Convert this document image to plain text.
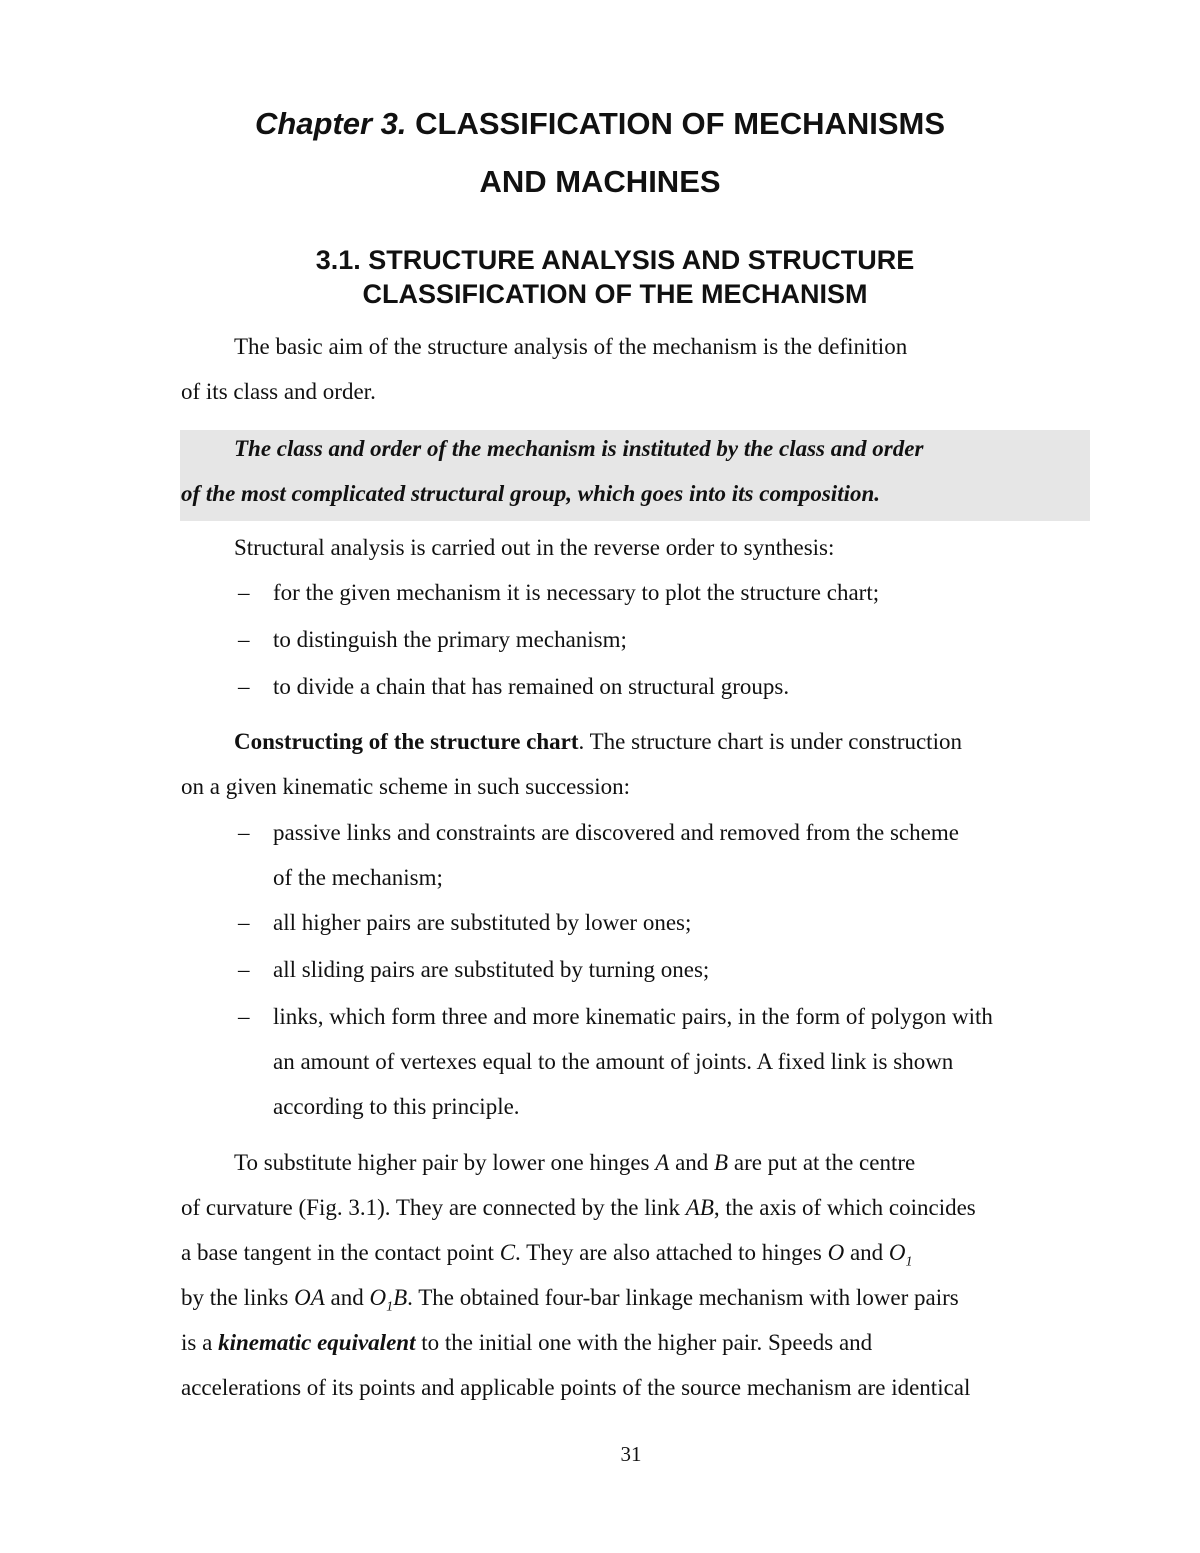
Chapter 3. CLASSIFICATION OF MECHANISMS
AND MACHINES
3.1. STRUCTURE ANALYSIS AND STRUCTURE
CLASSIFICATION OF THE MECHANISM
The basic aim of the structure analysis of the mechanism is the definition
of its class and order.
The class and order of the mechanism is instituted by the class and order
of the most complicated structural group, which goes into its composition.
Structural analysis is carried out in the reverse order to synthesis:
– for the given mechanism it is necessary to plot the structure chart;
– to distinguish the primary mechanism;
– to divide a chain that has remained on structural groups.
Constructing of the structure chart. The structure chart is under construction
on a given kinematic scheme in such succession:
– passive links and constraints are discovered and removed from the scheme
of the mechanism;
– all higher pairs are substituted by lower ones;
– all sliding pairs are substituted by turning ones;
– links, which form three and more kinematic pairs, in the form of polygon with
an amount of vertexes equal to the amount of joints. A fixed link is shown
according to this principle.
To substitute higher pair by lower one hinges A and B are put at the centre
of curvature (Fig. 3.1). They are connected by the link AB, the axis of which coincides
a base tangent in the contact point C. They are also attached to hinges O and $O_1$
by the links OA and $O_1B$. The obtained four-bar linkage mechanism with lower pairs
is a kinematic equivalent to the initial one with the higher pair. Speeds and
accelerations of its points and applicable points of the source mechanism are identical
31
